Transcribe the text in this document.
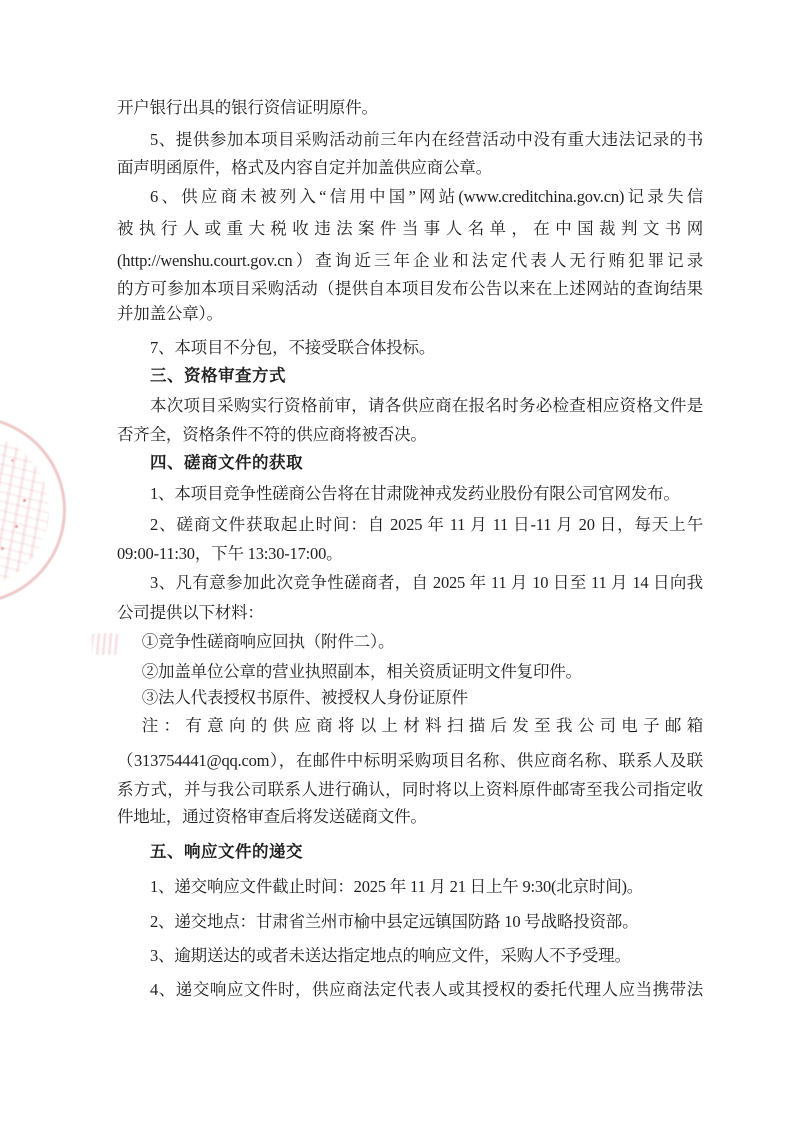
开户银行出具的银行资信证明原件。
5、提供参加本项目采购活动前三年内在经营活动中没有重大违法记录的书
面声明函原件，格式及内容自定并加盖供应商公章。
6、供应商未被列入“信用中国”网站(www.creditchina.gov.cn)记录失信
被执行人或重大税收违法案件当事人名单，在中国裁判文书网
(http://wenshu.court.gov.cn）查询近三年企业和法定代表人无行贿犯罪记录
的方可参加本项目采购活动（提供自本项目发布公告以来在上述网站的查询结果
并加盖公章）。
7、本项目不分包，不接受联合体投标。
三、资格审查方式
本次项目采购实行资格前审，请各供应商在报名时务必检查相应资格文件是
否齐全，资格条件不符的供应商将被否决。
四、磋商文件的获取
1、本项目竞争性磋商公告将在甘肃陇神戎发药业股份有限公司官网发布。
2、磋商文件获取起止时间：自 2025 年 11 月 11 日-11 月 20 日，每天上午
09:00-11:30，下午 13:30-17:00。
3、凡有意参加此次竞争性磋商者，自 2025 年 11 月 10 日至 11 月 14 日向我
公司提供以下材料：
①竞争性磋商响应回执（附件二）。
②加盖单位公章的营业执照副本，相关资质证明文件复印件。
③法人代表授权书原件、被授权人身份证原件
注：有意向的供应商将以上材料扫描后发至我公司电子邮箱
（313754441@qq.com），在邮件中标明采购项目名称、供应商名称、联系人及联
系方式，并与我公司联系人进行确认，同时将以上资料原件邮寄至我公司指定收
件地址，通过资格审查后将发送磋商文件。
五、响应文件的递交
1、递交响应文件截止时间：2025 年 11 月 21 日上午 9:30(北京时间)。
2、递交地点：甘肃省兰州市榆中县定远镇国防路 10 号战略投资部。
3、逾期送达的或者未送达指定地点的响应文件，采购人不予受理。
4、递交响应文件时，供应商法定代表人或其授权的委托代理人应当携带法
